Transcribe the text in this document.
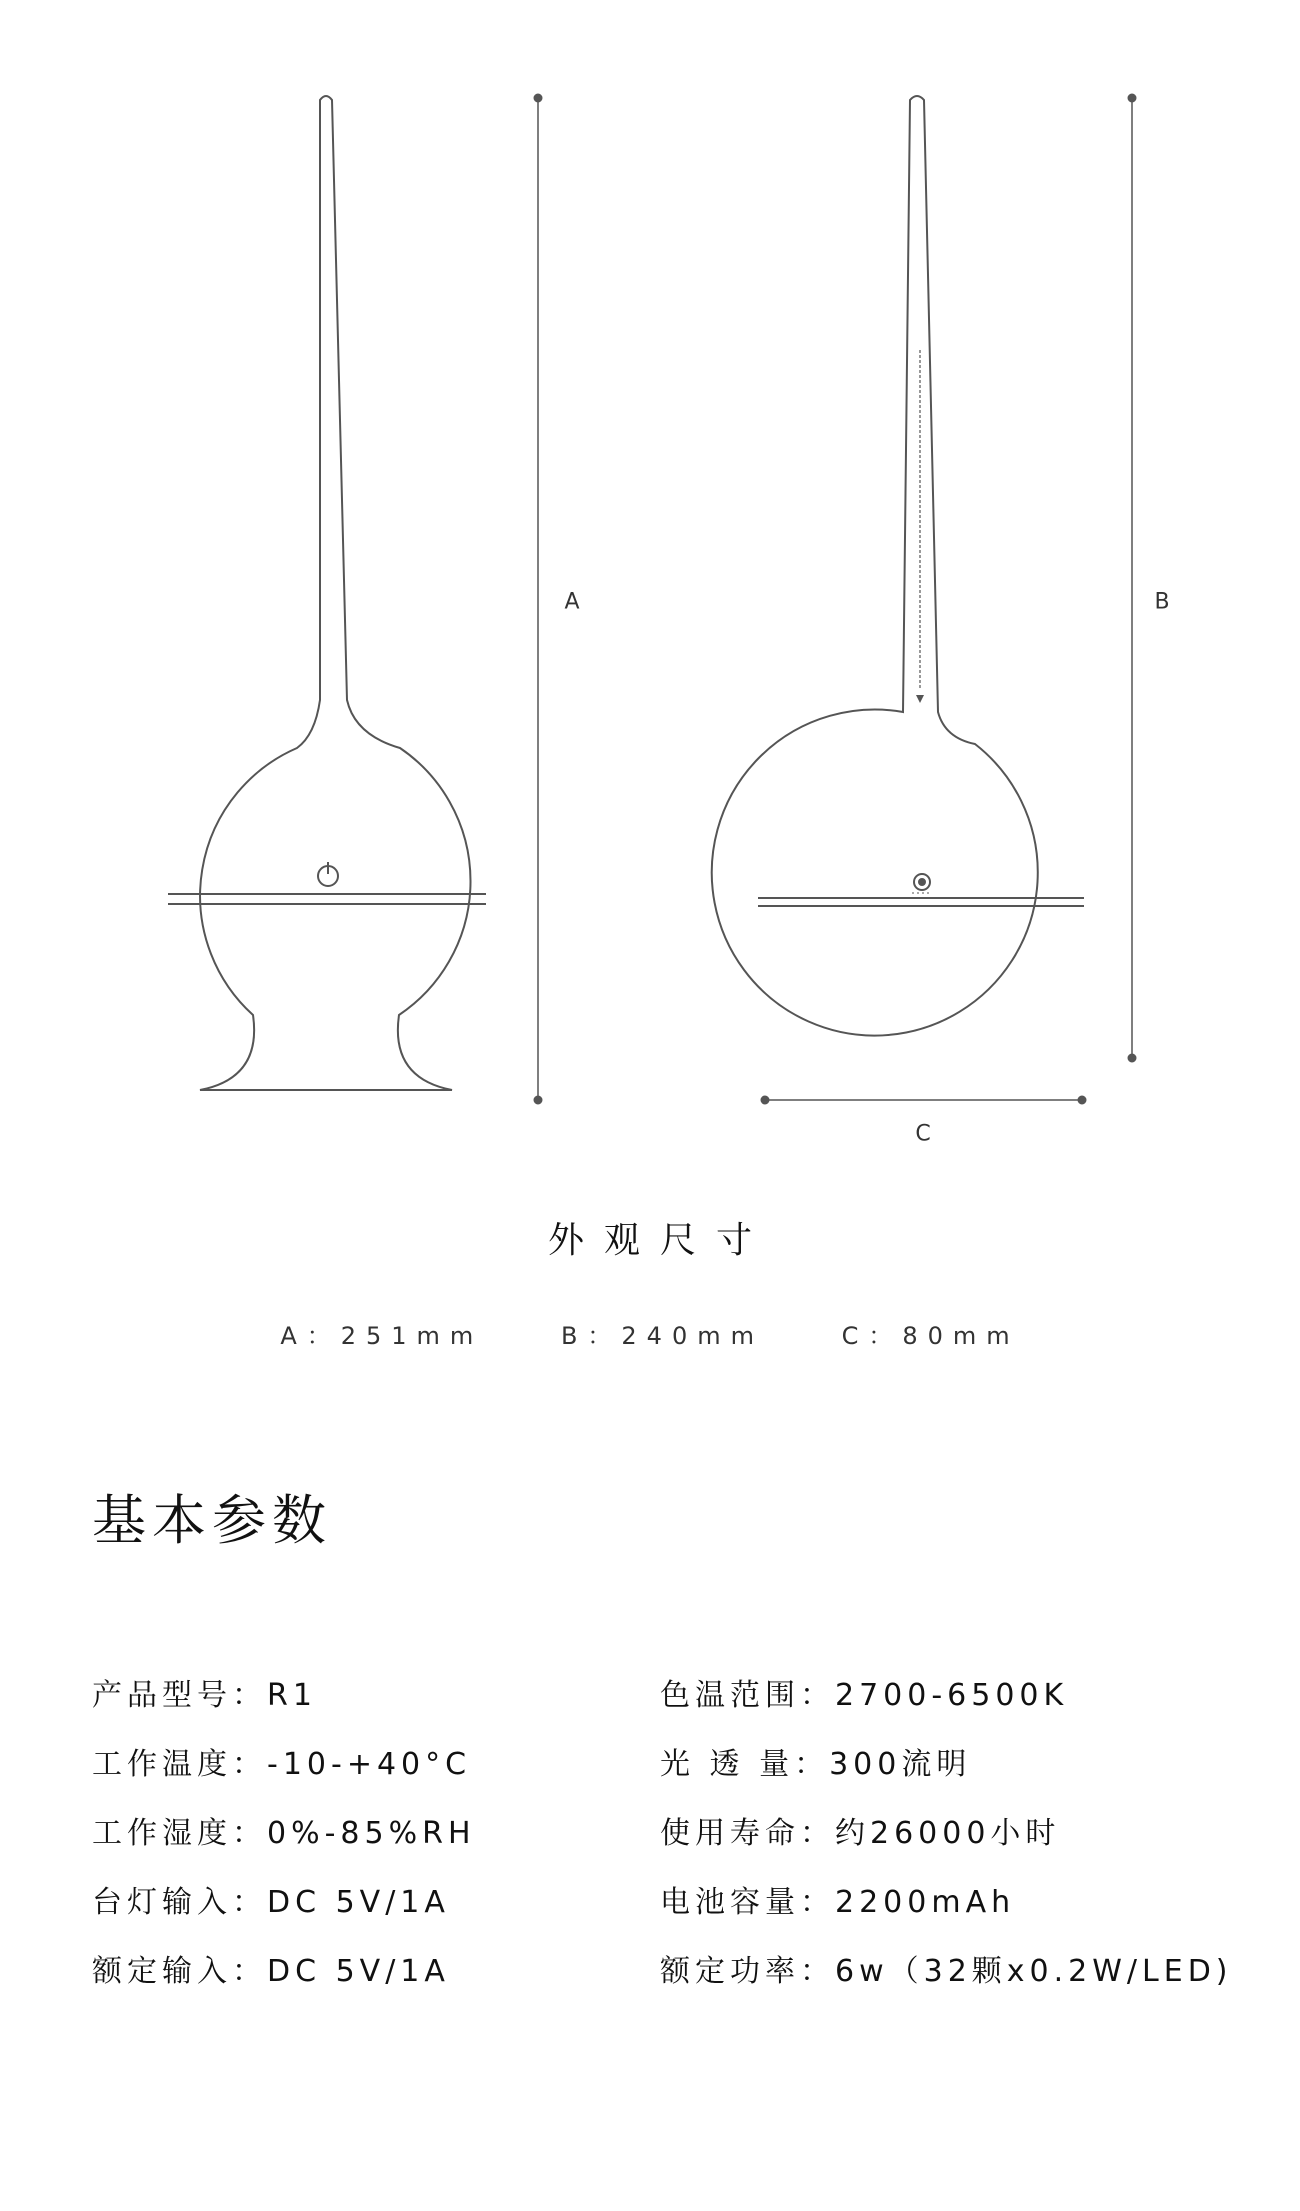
A	B
C
外观尺寸
A：251mm	B：240mm	C：80mm
基本参数
产品型号：R1
工作温度：-10-+40°C
工作湿度：0%-85%RH
台灯输入：DC 5V/1A
额定输入：DC 5V/1A
色温范围：2700-6500K
光 透 量：300流明
使用寿命：约26000小时
电池容量：2200mAh
额定功率：6w（32颗x0.2W/LED)
